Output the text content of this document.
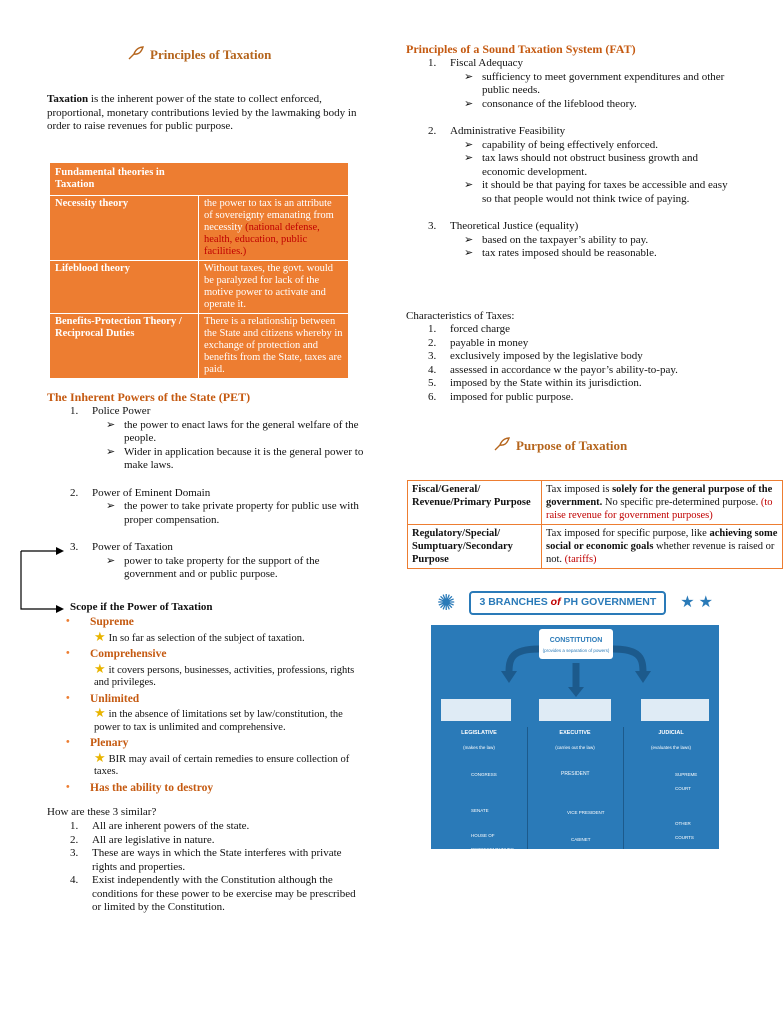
Principles of Taxation
Taxation is the inherent power of the state to collect enforced, proportional, monetary contributions levied by the lawmaking body in order to raise revenues for public purpose.
Fundamental theories in Taxation	

Necessity theory	the power to tax is an attribute of sovereignty emanating from necessity (national defense, health, education, public facilities.)
Lifeblood theory	Without taxes, the govt. would be paralyzed for lack of the motive power to activate and operate it.
Benefits-Protection Theory / Reciprocal Duties	There is a relationship between the State and citizens whereby in exchange of protection and benefits from the State, taxes are paid.
The Inherent Powers of the State (PET)
1. Police Power
➢ the power to enact laws for the general welfare of the people.
➢ Wider in application because it is the general power to make laws.
2. Power of Eminent Domain
➢ the power to take private property for public use with proper compensation.
3. Power of Taxation
➢ power to take property for the support of the government and or public purpose.
Scope if the Power of Taxation
•	Supreme
★ In so far as selection of the subject of taxation.
•	Comprehensive
★ it covers persons, businesses, activities, professions, rights and privileges.
•	Unlimited
★ in the absence of limitations set by law/constitution, the power to tax is unlimited and comprehensive.
•	Plenary
★ BIR may avail of certain remedies to ensure collection of taxes.
•	Has the ability to destroy
How are these 3 similar?
1.	All are inherent powers of the state.
2.	All are legislative in nature.
3.	These are ways in which the State interferes with private rights and properties.
4.	Exist independently with the Constitution although the conditions for these power to be exercise may be prescribed or limited by the Constitution.
Principles of a Sound Taxation System (FAT)
1. Fiscal Adequacy
➢ sufficiency to meet government expenditures and other public needs.
➢ consonance of the lifeblood theory.
2. Administrative Feasibility
➢ capability of being effectively enforced.
➢ tax laws should not obstruct business growth and economic development.
➢ it should be that paying for taxes be accessible and easy so that people would not think twice of paying.
3. Theoretical Justice (equality)
➢ based on the taxpayer’s ability to pay.
➢ tax rates imposed should be reasonable.
Characteristics of Taxes:
1. forced charge
2. payable in money
3. exclusively imposed by the legislative body
4. assessed in accordance w the payor’s ability-to-pay.
5. imposed by the State within its jurisdiction.
6. imposed for public purpose.
Purpose of Taxation
Fiscal/General/ Revenue/Primary Purpose	Tax imposed is solely for the general purpose of the government. No specific pre-determined purpose. (to raise revenue for government purposes)
Regulatory/Special/ Sumptuary/Secondary Purpose	Tax imposed for specific purpose, like achieving some social or economic goals whether revenue is raised or not. (tariffs)
✺	3 BRANCHES of PH GOVERNMENT	★ ★
CONSTITUTION
(provides a separation of powers)
LEGISLATIVE
(makes the law)
CONGRESS
SENATE
HOUSE OF REPRESENTATIVES
EXECUTIVE
(carries out the law)
PRESIDENT
VICE PRESIDENT
CABINET
JUDICIAL
(evaluates the laws)
SUPREME COURT
OTHER COURTS
